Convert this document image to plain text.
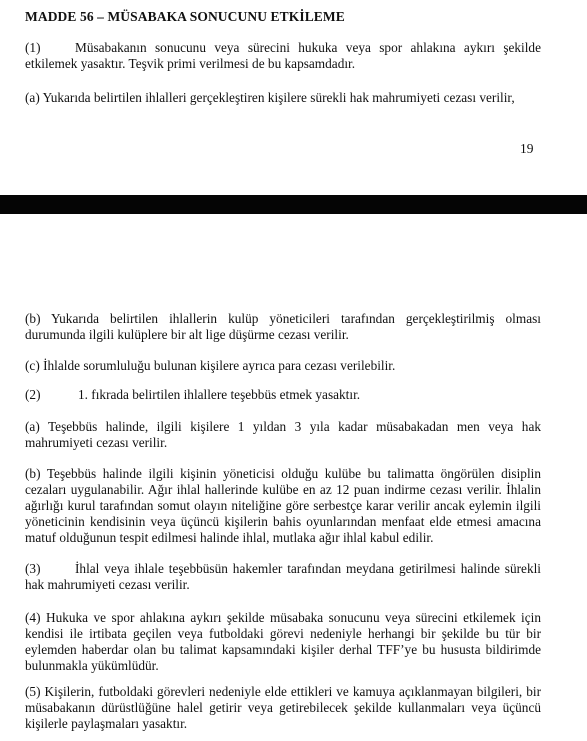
MADDE 56 – MÜSABAKA SONUCUNU ETKİLEME

(1)	Müsabakanın sonucunu veya sürecini hukuka veya spor ahlakına aykırı şekilde etkilemek yasaktır. Teşvik primi verilmesi de bu kapsamdadır.

(a) Yukarıda belirtilen ihlalleri gerçekleştiren kişilere sürekli hak mahrumiyeti cezası verilir,

19

(b) Yukarıda belirtilen ihlallerin kulüp yöneticileri tarafından gerçekleştirilmiş olması durumunda ilgili kulüplere bir alt lige düşürme cezası verilir.

(c) İhlalde sorumluluğu bulunan kişilere ayrıca para cezası verilebilir.

(2)	1. fıkrada belirtilen ihlallere teşebbüs etmek yasaktır.

(a) Teşebbüs halinde, ilgili kişilere 1 yıldan 3 yıla kadar müsabakadan men veya hak mahrumiyeti cezası verilir.

(b) Teşebbüs halinde ilgili kişinin yöneticisi olduğu kulübe bu talimatta öngörülen disiplin cezaları uygulanabilir. Ağır ihlal hallerinde kulübe en az 12 puan indirme cezası verilir. İhlalin ağırlığı kurul tarafından somut olayın niteliğine göre serbestçe karar verilir ancak eylemin ilgili yöneticinin kendisinin veya üçüncü kişilerin bahis oyunlarından menfaat elde etmesi amacına matuf olduğunun tespit edilmesi halinde ihlal, mutlaka ağır ihlal kabul edilir.

(3)	İhlal veya ihlale teşebbüsün hakemler tarafından meydana getirilmesi halinde sürekli hak mahrumiyeti cezası verilir.

(4) Hukuka ve spor ahlakına aykırı şekilde müsabaka sonucunu veya sürecini etkilemek için kendisi ile irtibata geçilen veya futboldaki görevi nedeniyle herhangi bir şekilde bu tür bir eylemden haberdar olan bu talimat kapsamındaki kişiler derhal TFF’ye bu hususta bildirimde bulunmakla yükümlüdür.

(5) Kişilerin, futboldaki görevleri nedeniyle elde ettikleri ve kamuya açıklanmayan bilgileri, bir müsabakanın dürüstlüğüne halel getirir veya getirebilecek şekilde kullanmaları veya üçüncü kişilerle paylaşmaları yasaktır.
